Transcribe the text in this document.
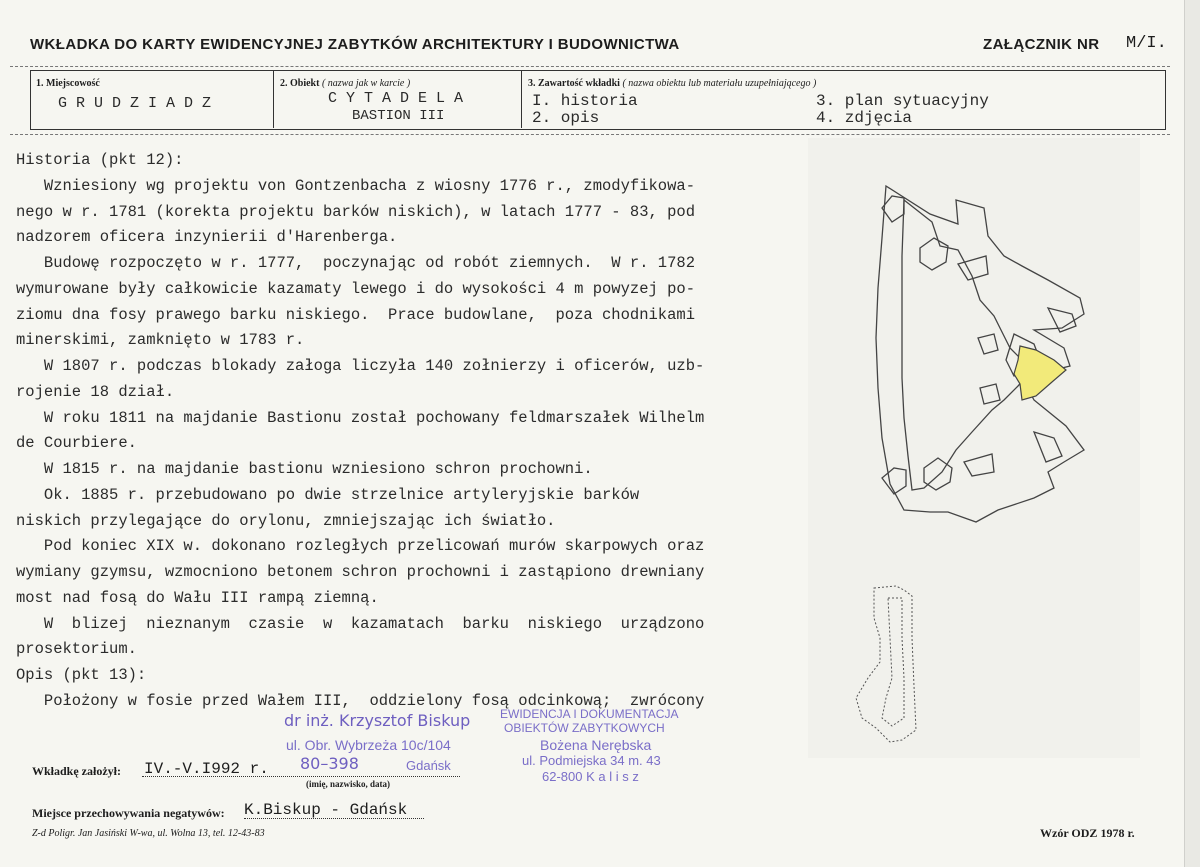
WKŁADKA DO KARTY EWIDENCYJNEJ ZABYTKÓW ARCHITEKTURY I BUDOWNICTWA	ZAŁĄCZNIK NR M/I.
1. Miejscowość
G R U D Z I A D Z
2. Obiekt ( nazwa jak w karcie )
C Y T A D E L A
BASTION III
3. Zawartość wkładki ( nazwa obiektu lub materiału uzupełniającego )
I. historia
2. opis
3. plan sytuacyjny
4. zdjęcia
Historia (pkt 12):
Wzniesiony wg projektu von Gontzenbacha z wiosny 1776 r., zmodyfikowa-
nego w r. 1781 (korekta projektu barków niskich), w latach 1777 - 83, pod
nadzorem oficera inzynierii d'Harenberga.
Budowę rozpoczęto w r. 1777,  poczynając od robót ziemnych.  W r. 1782
wymurowane były całkowicie kazamaty lewego i do wysokości 4 m powyzej po-
ziomu dna fosy prawego barku niskiego.  Prace budowlane,  poza chodnikami
minerskimi, zamknięto w 1783 r.
W 1807 r. podczas blokady załoga liczyła 140 zołnierzy i oficerów, uzb-
rojenie 18 dział.
W roku 1811 na majdanie Bastionu został pochowany feldmarszałek Wilhelm
de Courbiere.
W 1815 r. na majdanie bastionu wzniesiono schron prochowni.
Ok. 1885 r. przebudowano po dwie strzelnice artyleryjskie barków
niskich przylegające do orylonu, zmniejszając ich światło.
Pod koniec XIX w. dokonano rozległych przelicowań murów skarpowych oraz
wymiany gzymsu, wzmocniono betonem schron prochowni i zastąpiono drewniany
most nad fosą do Wału III rampą ziemną.
W  blizej  nieznanym  czasie  w  kazamatach  barku  niskiego  urządzono
prosektorium.
Opis (pkt 13):
Położony w fosie przed Wałem III,  oddzielony fosą odcinkową;  zwrócony
dr inż. Krzysztof Biskup
ul. Obr. Wybrzeża 10c/104
80–398	Gdańsk
EWIDENCJA I DOKUMENTACJA
OBIEKTÓW ZABYTKOWYCH
Bożena Nerębska
ul. Podmiejska 34 m. 43
62-800 K a l i s z
Wkładkę założył: IV.-V.I992 r.
(imię, nazwisko, data)
Miejsce przechowywania negatywów: K.Biskup - Gdańsk
Z-d Poligr. Jan Jasiński W-wa, ul. Wolna 13, tel. 12-43-83	Wzór ODZ 1978 r.
